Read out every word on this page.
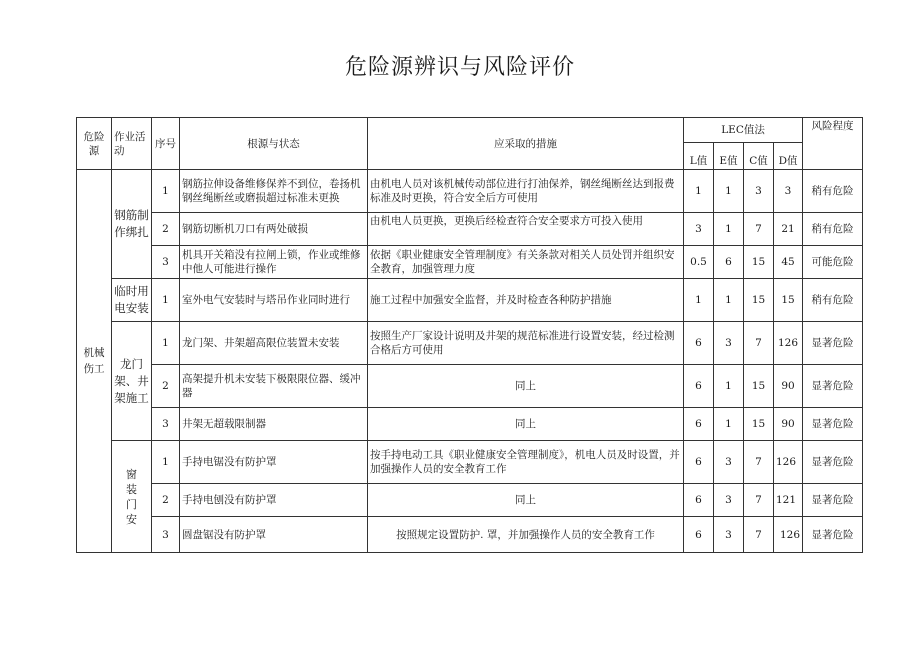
危险源辨识与风险评价
危险源	作业活动	序号	根源与状态	应采取的措施	LEC值法				风险程度
					L值	E值	C值	D值	
机械伤工	钢筋制作绑扎	1	钢筋拉伸设备维修保养不到位，卷扬机钢丝绳断丝或磨损超过标准未更换	由机电人员对该机械传动部位进行打油保养，钢丝绳断丝达到报费标准及时更换，符合安全后方可使用	1	1	3	3	稍有危险
		2	钢筋切断机刀口有两处破损	由机电人员更换，更换后经检查符合安全要求方可投入使用	3	1	7	21	稍有危险
		3	机具开关箱没有拉闸上锁，作业或维修中他人可能进行操作	依据《职业健康安全管理制度》有关条款对相关人员处罚并组织安全教育，加强管理力度	0.5	6	15	45	可能危险
	临时用电安装	1	室外电气安装时与塔吊作业同时进行	施工过程中加强安全监督，并及时检查各种防护措施	1	1	15	15	稍有危险
	龙门架、井架施工	1	龙门架、井架超高限位装置未安装	按照生产厂家设计说明及井架的规范标准进行设置安装，经过检测合格后方可使用	6	3	7	126	显著危险
		2	高架提升机未安装下极限限位器、缓冲器	同上	6	1	15	90	显著危险
		3	井架无超载限制器	同上	6	1	15	90	显著危险

	窗装门安	1	手持电锯没有防护罩	按手持电动工具《职业健康安全管理制度》，机电人员及时设置，并加强操作人员的安全教育工作	6	3	7	126	显著危险
		2	手持电刨没有防护罩	同上	6	3	7	121	显著危险
		3	圆盘锯没有防护罩	按照规定设置防护. 罩，并加强操作人员的安全教育工作	6	3	7	126	显著危险
